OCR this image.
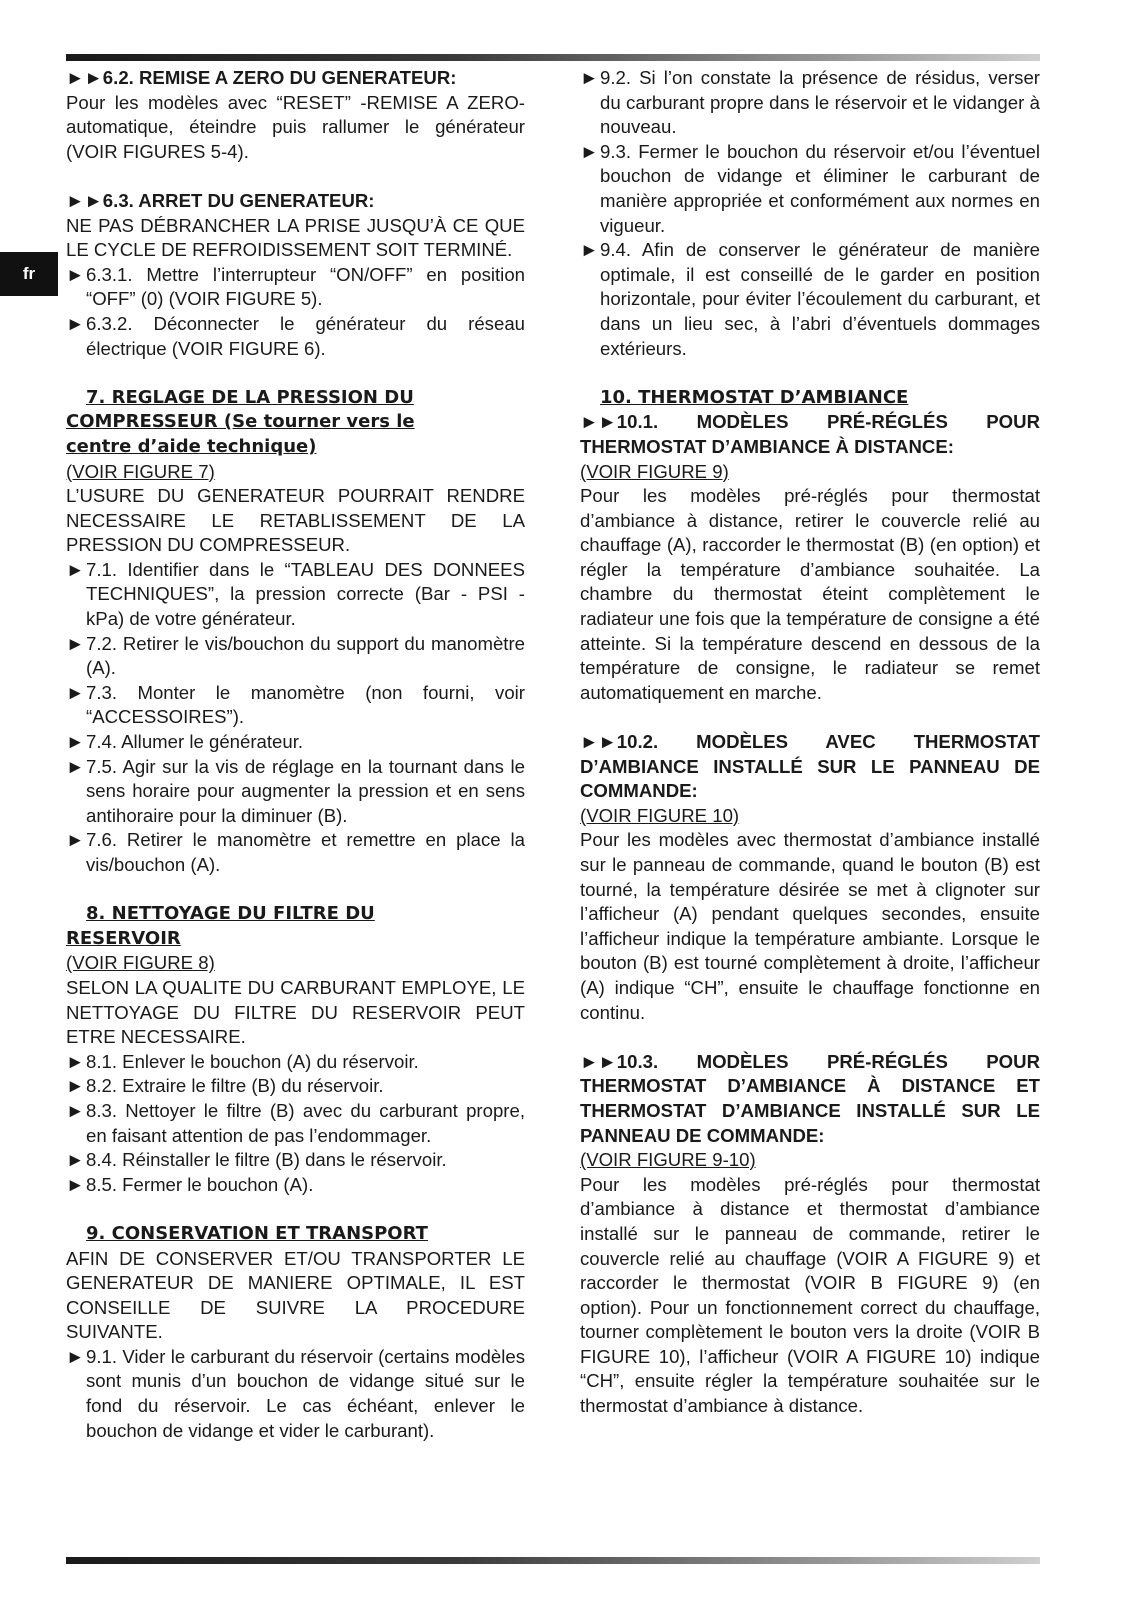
fr

►►6.2. REMISE A ZERO DU GENERATEUR:

Pour les modèles avec “RESET” -REMISE A ZERO- automatique, éteindre puis rallumer le générateur (VOIR FIGURES 5-4).

►►6.3. ARRET DU GENERATEUR:

NE PAS DÉBRANCHER LA PRISE JUSQU’À CE QUE LE CYCLE DE REFROIDISSEMENT SOIT TERMINÉ.

► 6.3.1. Mettre l’interrupteur “ON/OFF” en position “OFF” (0) (VOIR FIGURE 5).

► 6.3.2. Déconnecter le générateur du réseau électrique (VOIR FIGURE 6).

7. REGLAGE DE LA PRESSION DU

COMPRESSEUR (Se tourner vers le

centre d’aide technique)

(VOIR FIGURE 7)

L’USURE DU GENERATEUR POURRAIT RENDRE NECESSAIRE LE RETABLISSEMENT DE LA PRESSION DU COMPRESSEUR.

► 7.1. Identifier dans le “TABLEAU DES DONNEES TECHNIQUES”, la pression correcte (Bar - PSI - kPa) de votre générateur.

► 7.2. Retirer le vis/bouchon du support du manomètre (A).

► 7.3. Monter le manomètre (non fourni, voir “ACCESSOIRES”).

► 7.4. Allumer le générateur.

► 7.5. Agir sur la vis de réglage en la tournant dans le sens horaire pour augmenter la pression et en sens antihoraire pour la diminuer (B).

► 7.6. Retirer le manomètre et remettre en place la vis/bouchon (A).

8. NETTOYAGE DU FILTRE DU

RESERVOIR

(VOIR FIGURE 8)

SELON LA QUALITE DU CARBURANT EMPLOYE, LE NETTOYAGE DU FILTRE DU RESERVOIR PEUT ETRE NECESSAIRE.

► 8.1. Enlever le bouchon (A) du réservoir.

► 8.2. Extraire le filtre (B) du réservoir.

► 8.3. Nettoyer le filtre (B) avec du carburant propre, en faisant attention de pas l’endommager.

► 8.4. Réinstaller le filtre (B) dans le réservoir.

► 8.5. Fermer le bouchon (A).

9. CONSERVATION ET TRANSPORT

AFIN DE CONSERVER ET/OU TRANSPORTER LE GENERATEUR DE MANIERE OPTIMALE, IL EST CONSEILLE DE SUIVRE LA PROCEDURE SUIVANTE.

► 9.1. Vider le carburant du réservoir (certains modèles sont munis d’un bouchon de vidange situé sur le fond du réservoir. Le cas échéant, enlever le bouchon de vidange et vider le carburant).

► 9.2. Si l’on constate la présence de résidus, verser du carburant propre dans le réservoir et le vidanger à nouveau.

► 9.3. Fermer le bouchon du réservoir et/ou l’éventuel bouchon de vidange et éliminer le carburant de manière appropriée et conformément aux normes en vigueur.

► 9.4. Afin de conserver le générateur de manière optimale, il est conseillé de le garder en position horizontale, pour éviter l’écoulement du carburant, et dans un lieu sec, à l’abri d’éventuels dommages extérieurs.

10. THERMOSTAT D’AMBIANCE

►►10.1. MODÈLES PRÉ-RÉGLÉS POUR THERMOSTAT D’AMBIANCE À DISTANCE:

(VOIR FIGURE 9)

Pour les modèles pré-réglés pour thermostat d’ambiance à distance, retirer le couvercle relié au chauffage (A), raccorder le thermostat (B) (en option) et régler la température d’ambiance souhaitée. La chambre du thermostat éteint complètement le radiateur une fois que la température de consigne a été atteinte. Si la température descend en dessous de la température de consigne, le radiateur se remet automatiquement en marche.

►►10.2. MODÈLES AVEC THERMOSTAT D’AMBIANCE INSTALLÉ SUR LE PANNEAU DE COMMANDE:

(VOIR FIGURE 10)

Pour les modèles avec thermostat d’ambiance installé sur le panneau de commande, quand le bouton (B) est tourné, la température désirée se met à clignoter sur l’afficheur (A) pendant quelques secondes, ensuite l’afficheur indique la température ambiante. Lorsque le bouton (B) est tourné complètement à droite, l’afficheur (A) indique “CH”, ensuite le chauffage fonctionne en continu.

►►10.3. MODÈLES PRÉ-RÉGLÉS POUR THERMOSTAT D’AMBIANCE À DISTANCE ET THERMOSTAT D’AMBIANCE INSTALLÉ SUR LE PANNEAU DE COMMANDE:

(VOIR FIGURE 9-10)

Pour les modèles pré-réglés pour thermostat d’ambiance à distance et thermostat d’ambiance installé sur le panneau de commande, retirer le couvercle relié au chauffage (VOIR A FIGURE 9) et raccorder le thermostat (VOIR B FIGURE 9) (en option). Pour un fonctionnement correct du chauffage, tourner complètement le bouton vers la droite (VOIR B FIGURE 10), l’afficheur (VOIR A FIGURE 10) indique “CH”, ensuite régler la température souhaitée sur le thermostat d’ambiance à distance.
